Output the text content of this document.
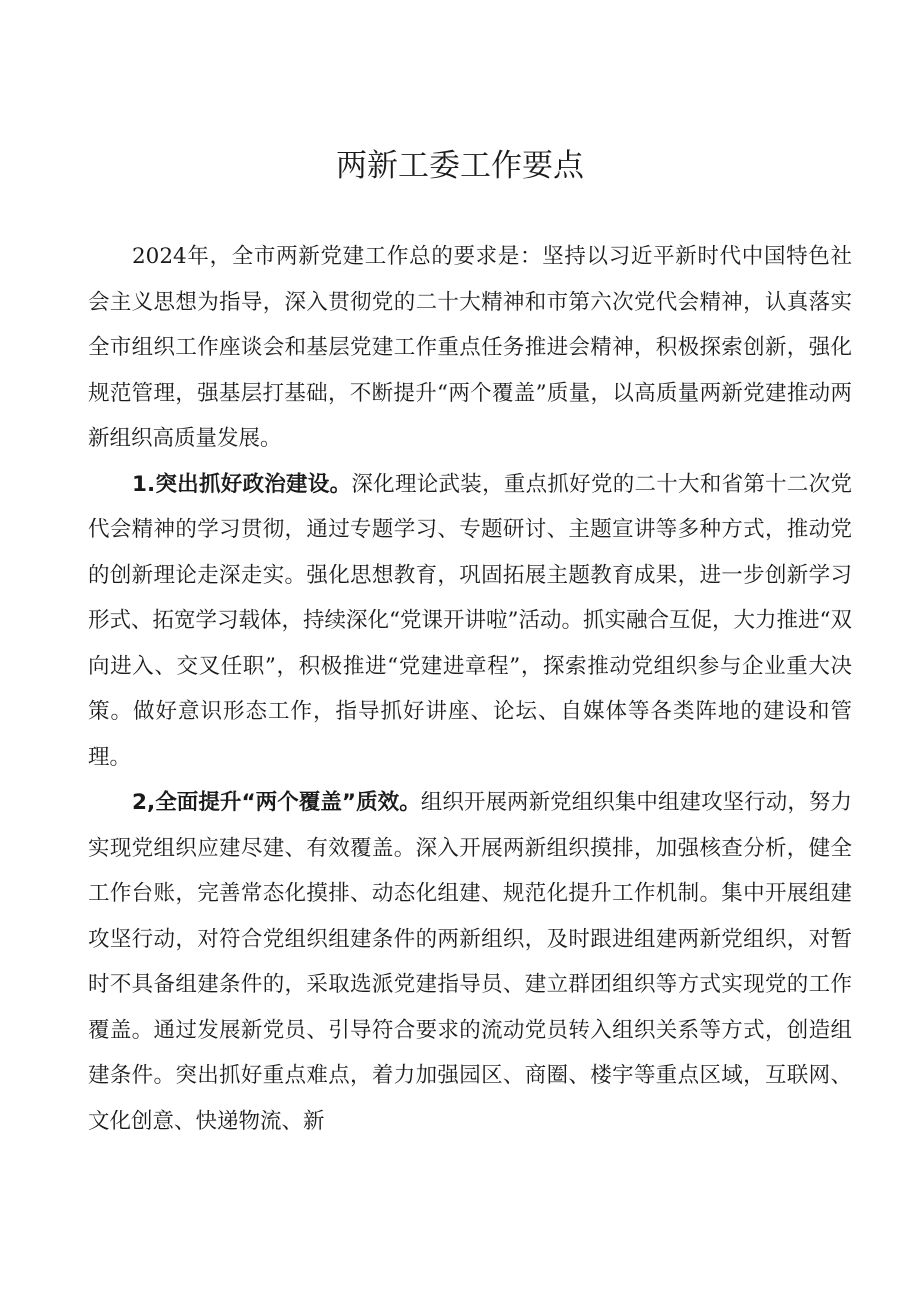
两新工委工作要点

2024年，全市两新党建工作总的要求是：坚持以习近平新时代中国特色社会主义思想为指导，深入贯彻党的二十大精神和市第六次党代会精神，认真落实全市组织工作座谈会和基层党建工作重点任务推进会精神，积极探索创新，强化规范管理，强基层打基础，不断提升“两个覆盖”质量，以高质量两新党建推动两新组织高质量发展。

1.突出抓好政治建设。深化理论武装，重点抓好党的二十大和省第十二次党代会精神的学习贯彻，通过专题学习、专题研讨、主题宣讲等多种方式，推动党的创新理论走深走实。强化思想教育，巩固拓展主题教育成果，进一步创新学习形式、拓宽学习载体，持续深化“党课开讲啦”活动。抓实融合互促，大力推进“双向进入、交叉任职”，积极推进“党建进章程”，探索推动党组织参与企业重大决策。做好意识形态工作，指导抓好讲座、论坛、自媒体等各类阵地的建设和管理。

2,全面提升“两个覆盖”质效。组织开展两新党组织集中组建攻坚行动，努力实现党组织应建尽建、有效覆盖。深入开展两新组织摸排，加强核查分析，健全工作台账，完善常态化摸排、动态化组建、规范化提升工作机制。集中开展组建攻坚行动，对符合党组织组建条件的两新组织，及时跟进组建两新党组织，对暂时不具备组建条件的，采取选派党建指导员、建立群团组织等方式实现党的工作覆盖。通过发展新党员、引导符合要求的流动党员转入组织关系等方式，创造组建条件。突出抓好重点难点，着力加强园区、商圈、楼宇等重点区域，互联网、文化创意、快递物流、新
